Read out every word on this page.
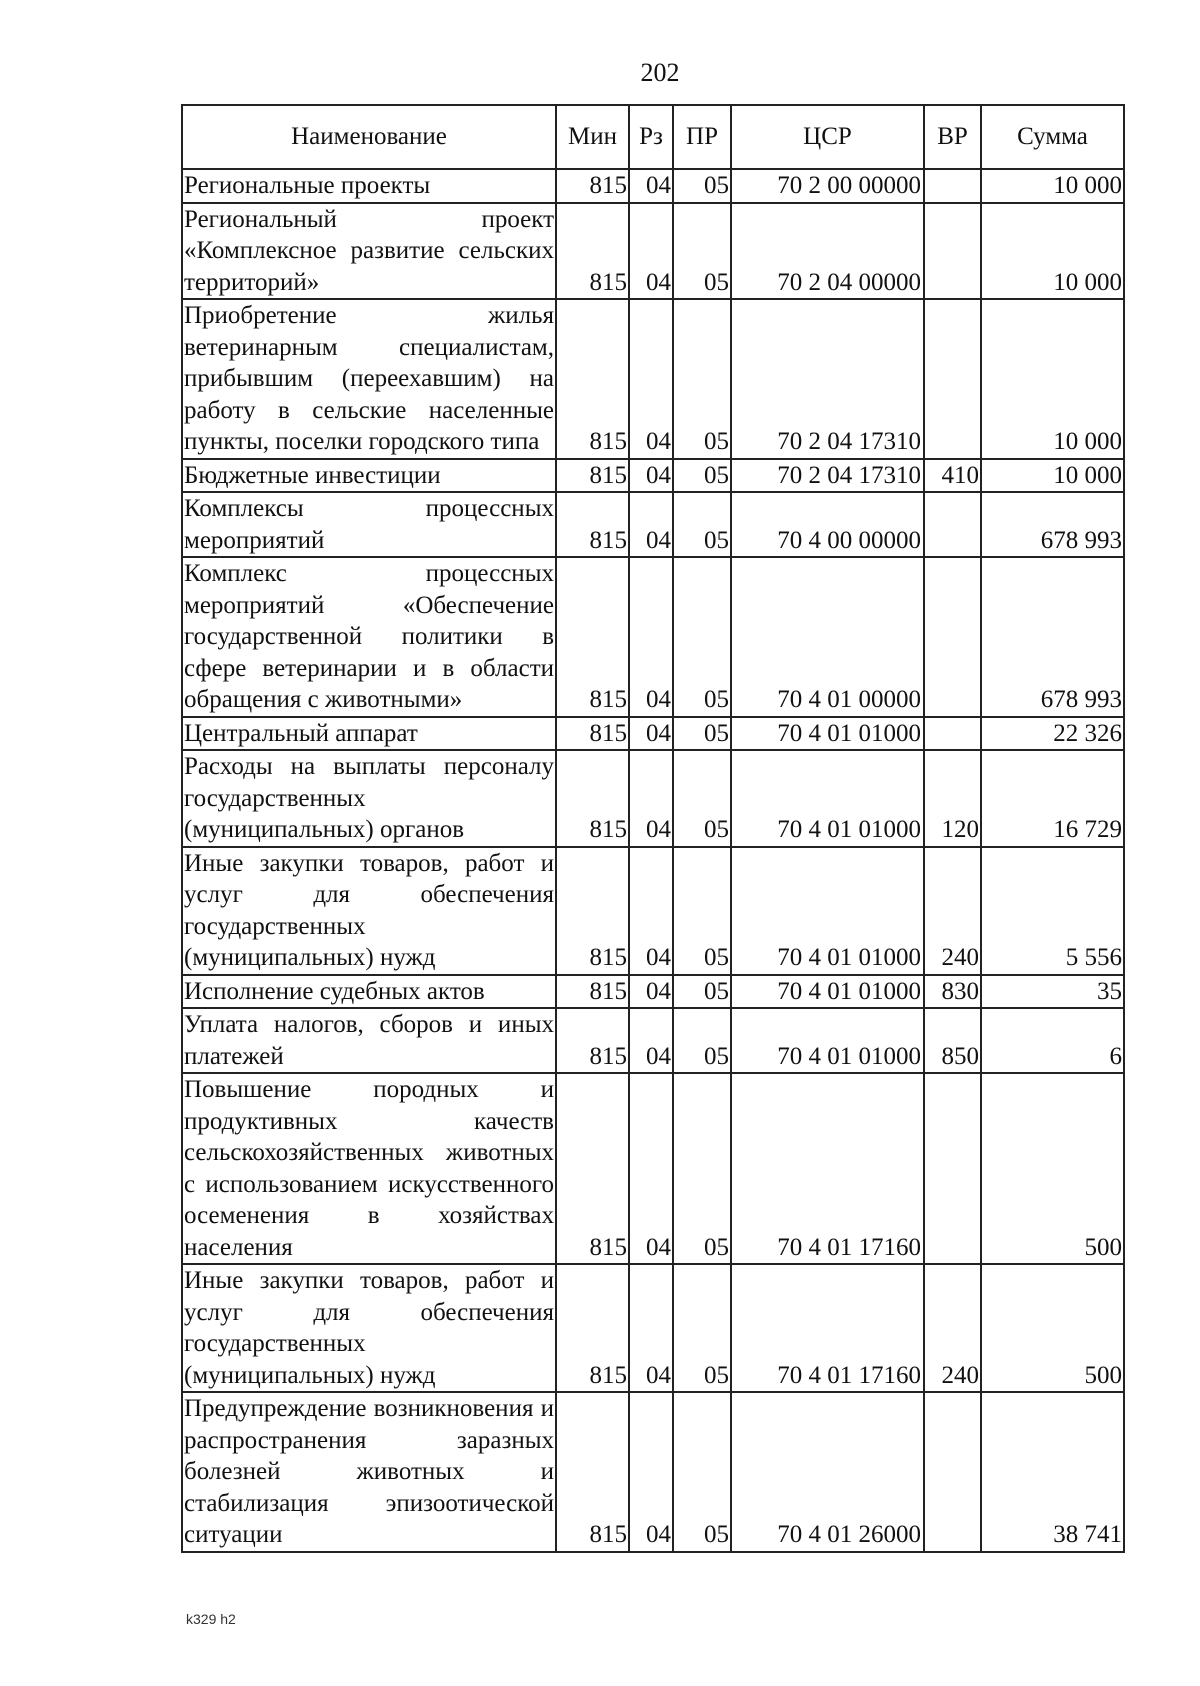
202
Наименование	Мин	Рз	ПР	ЦСР	ВР	Сумма
Региональные проекты	815	04	05	70 2 00 00000		10 000
Региональный проект «Комплексное развитие сельских территорий»	815	04	05	70 2 04 00000		10 000
Приобретение жилья ветеринарным специалистам, прибывшим (переехавшим) на работу в сельские населенные пункты, поселки городского типа	815	04	05	70 2 04 17310		10 000
Бюджетные инвестиции	815	04	05	70 2 04 17310	410	10 000
Комплексы процессных мероприятий	815	04	05	70 4 00 00000		678 993
Комплекс процессных мероприятий «Обеспечение государственной политики в сфере ветеринарии и в области обращения с животными»	815	04	05	70 4 01 00000		678 993
Центральный аппарат	815	04	05	70 4 01 01000		22 326
Расходы на выплаты персоналу государственных (муниципальных) органов	815	04	05	70 4 01 01000	120	16 729
Иные закупки товаров, работ и услуг для обеспечения государственных (муниципальных) нужд	815	04	05	70 4 01 01000	240	5 556
Исполнение судебных актов	815	04	05	70 4 01 01000	830	35
Уплата налогов, сборов и иных платежей	815	04	05	70 4 01 01000	850	6
Повышение породных и продуктивных качеств сельскохозяйственных животных с использованием искусственного осеменения в хозяйствах населения	815	04	05	70 4 01 17160		500
Иные закупки товаров, работ и услуг для обеспечения государственных (муниципальных) нужд	815	04	05	70 4 01 17160	240	500
Предупреждение возникновения и распространения заразных болезней животных и стабилизация эпизоотической ситуации	815	04	05	70 4 01 26000		38 741
k329 h2
